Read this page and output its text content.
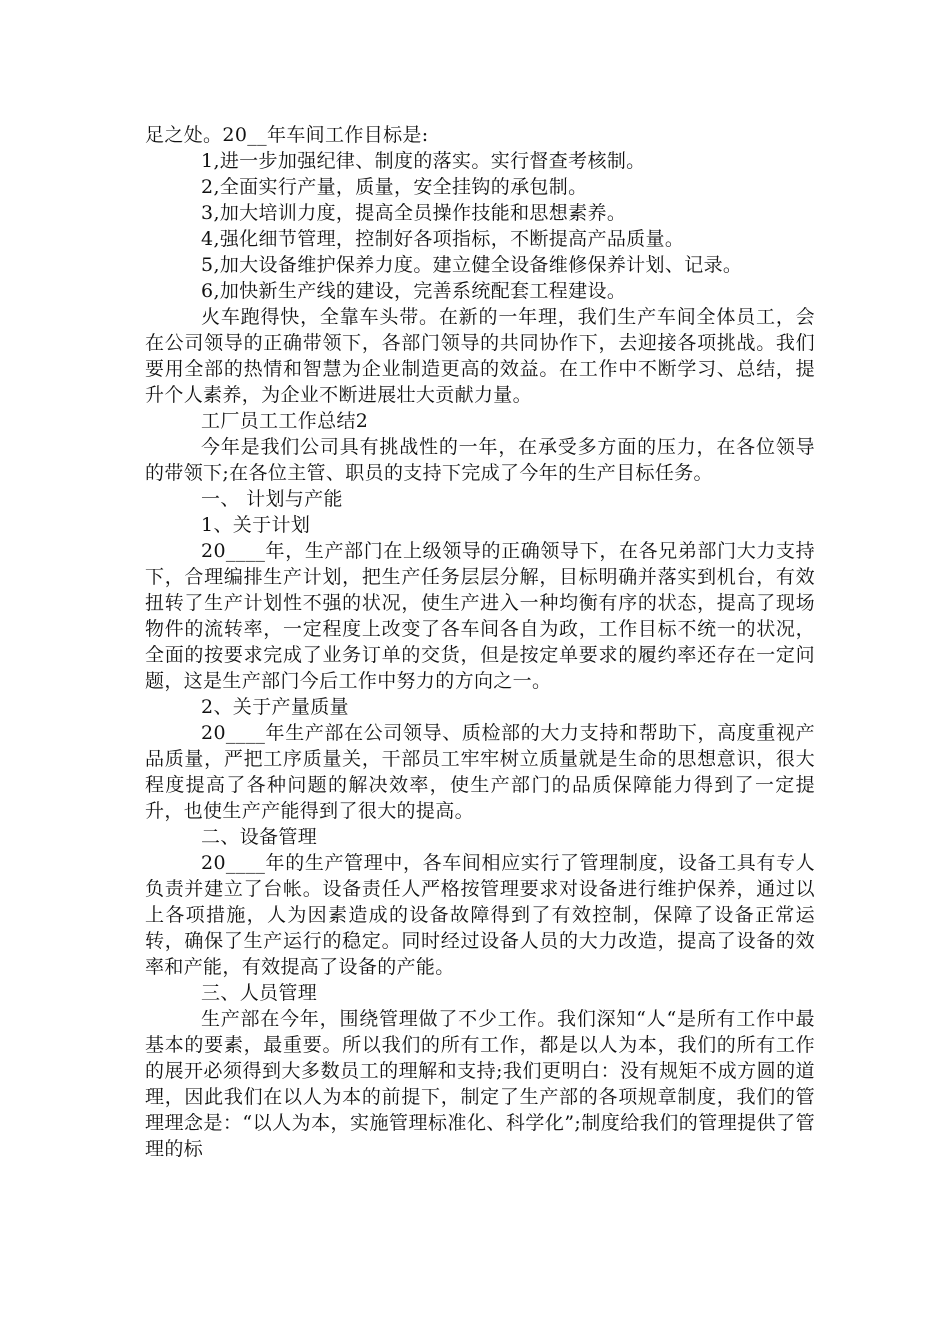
足之处。20__年车间工作目标是:

1,进一步加强纪律、制度的落实。实行督查考核制。

2,全面实行产量，质量，安全挂钩的承包制。

3,加大培训力度，提高全员操作技能和思想素养。

4,强化细节管理，控制好各项指标，不断提高产品质量。

5,加大设备维护保养力度。建立健全设备维修保养计划、记录。

6,加快新生产线的建设，完善系统配套工程建设。

火车跑得快，全靠车头带。在新的一年理，我们生产车间全体员工，会在公司领导的正确带领下，各部门领导的共同协作下，去迎接各项挑战。我们要用全部的热情和智慧为企业制造更高的效益。在工作中不断学习、总结，提升个人素养，为企业不断进展壮大贡献力量。

工厂员工工作总结2

今年是我们公司具有挑战性的一年，在承受多方面的压力，在各位领导的带领下;在各位主管、职员的支持下完成了今年的生产目标任务。

一、 计划与产能

1、关于计划

20____年，生产部门在上级领导的正确领导下，在各兄弟部门大力支持下，合理编排生产计划，把生产任务层层分解，目标明确并落实到机台，有效扭转了生产计划性不强的状况，使生产进入一种均衡有序的状态，提高了现场物件的流转率，一定程度上改变了各车间各自为政，工作目标不统一的状况，全面的按要求完成了业务订单的交货，但是按定单要求的履约率还存在一定问题，这是生产部门今后工作中努力的方向之一。

2、关于产量质量

20____年生产部在公司领导、质检部的大力支持和帮助下，高度重视产品质量，严把工序质量关，干部员工牢牢树立质量就是生命的思想意识，很大程度提高了各种问题的解决效率，使生产部门的品质保障能力得到了一定提升，也使生产产能得到了很大的提高。

二、设备管理

20____年的生产管理中，各车间相应实行了管理制度，设备工具有专人负责并建立了台帐。设备责任人严格按管理要求对设备进行维护保养，通过以上各项措施，人为因素造成的设备故障得到了有效控制，保障了设备正常运转，确保了生产运行的稳定。同时经过设备人员的大力改造，提高了设备的效率和产能，有效提高了设备的产能。

三、人员管理

生产部在今年，围绕管理做了不少工作。我们深知“人“是所有工作中最基本的要素，最重要。所以我们的所有工作，都是以人为本，我们的所有工作的展开必须得到大多数员工的理解和支持;我们更明白：没有规矩不成方圆的道理，因此我们在以人为本的前提下，制定了生产部的各项规章制度，我们的管理理念是：“以人为本，实施管理标准化、科学化”;制度给我们的管理提供了管理的标
